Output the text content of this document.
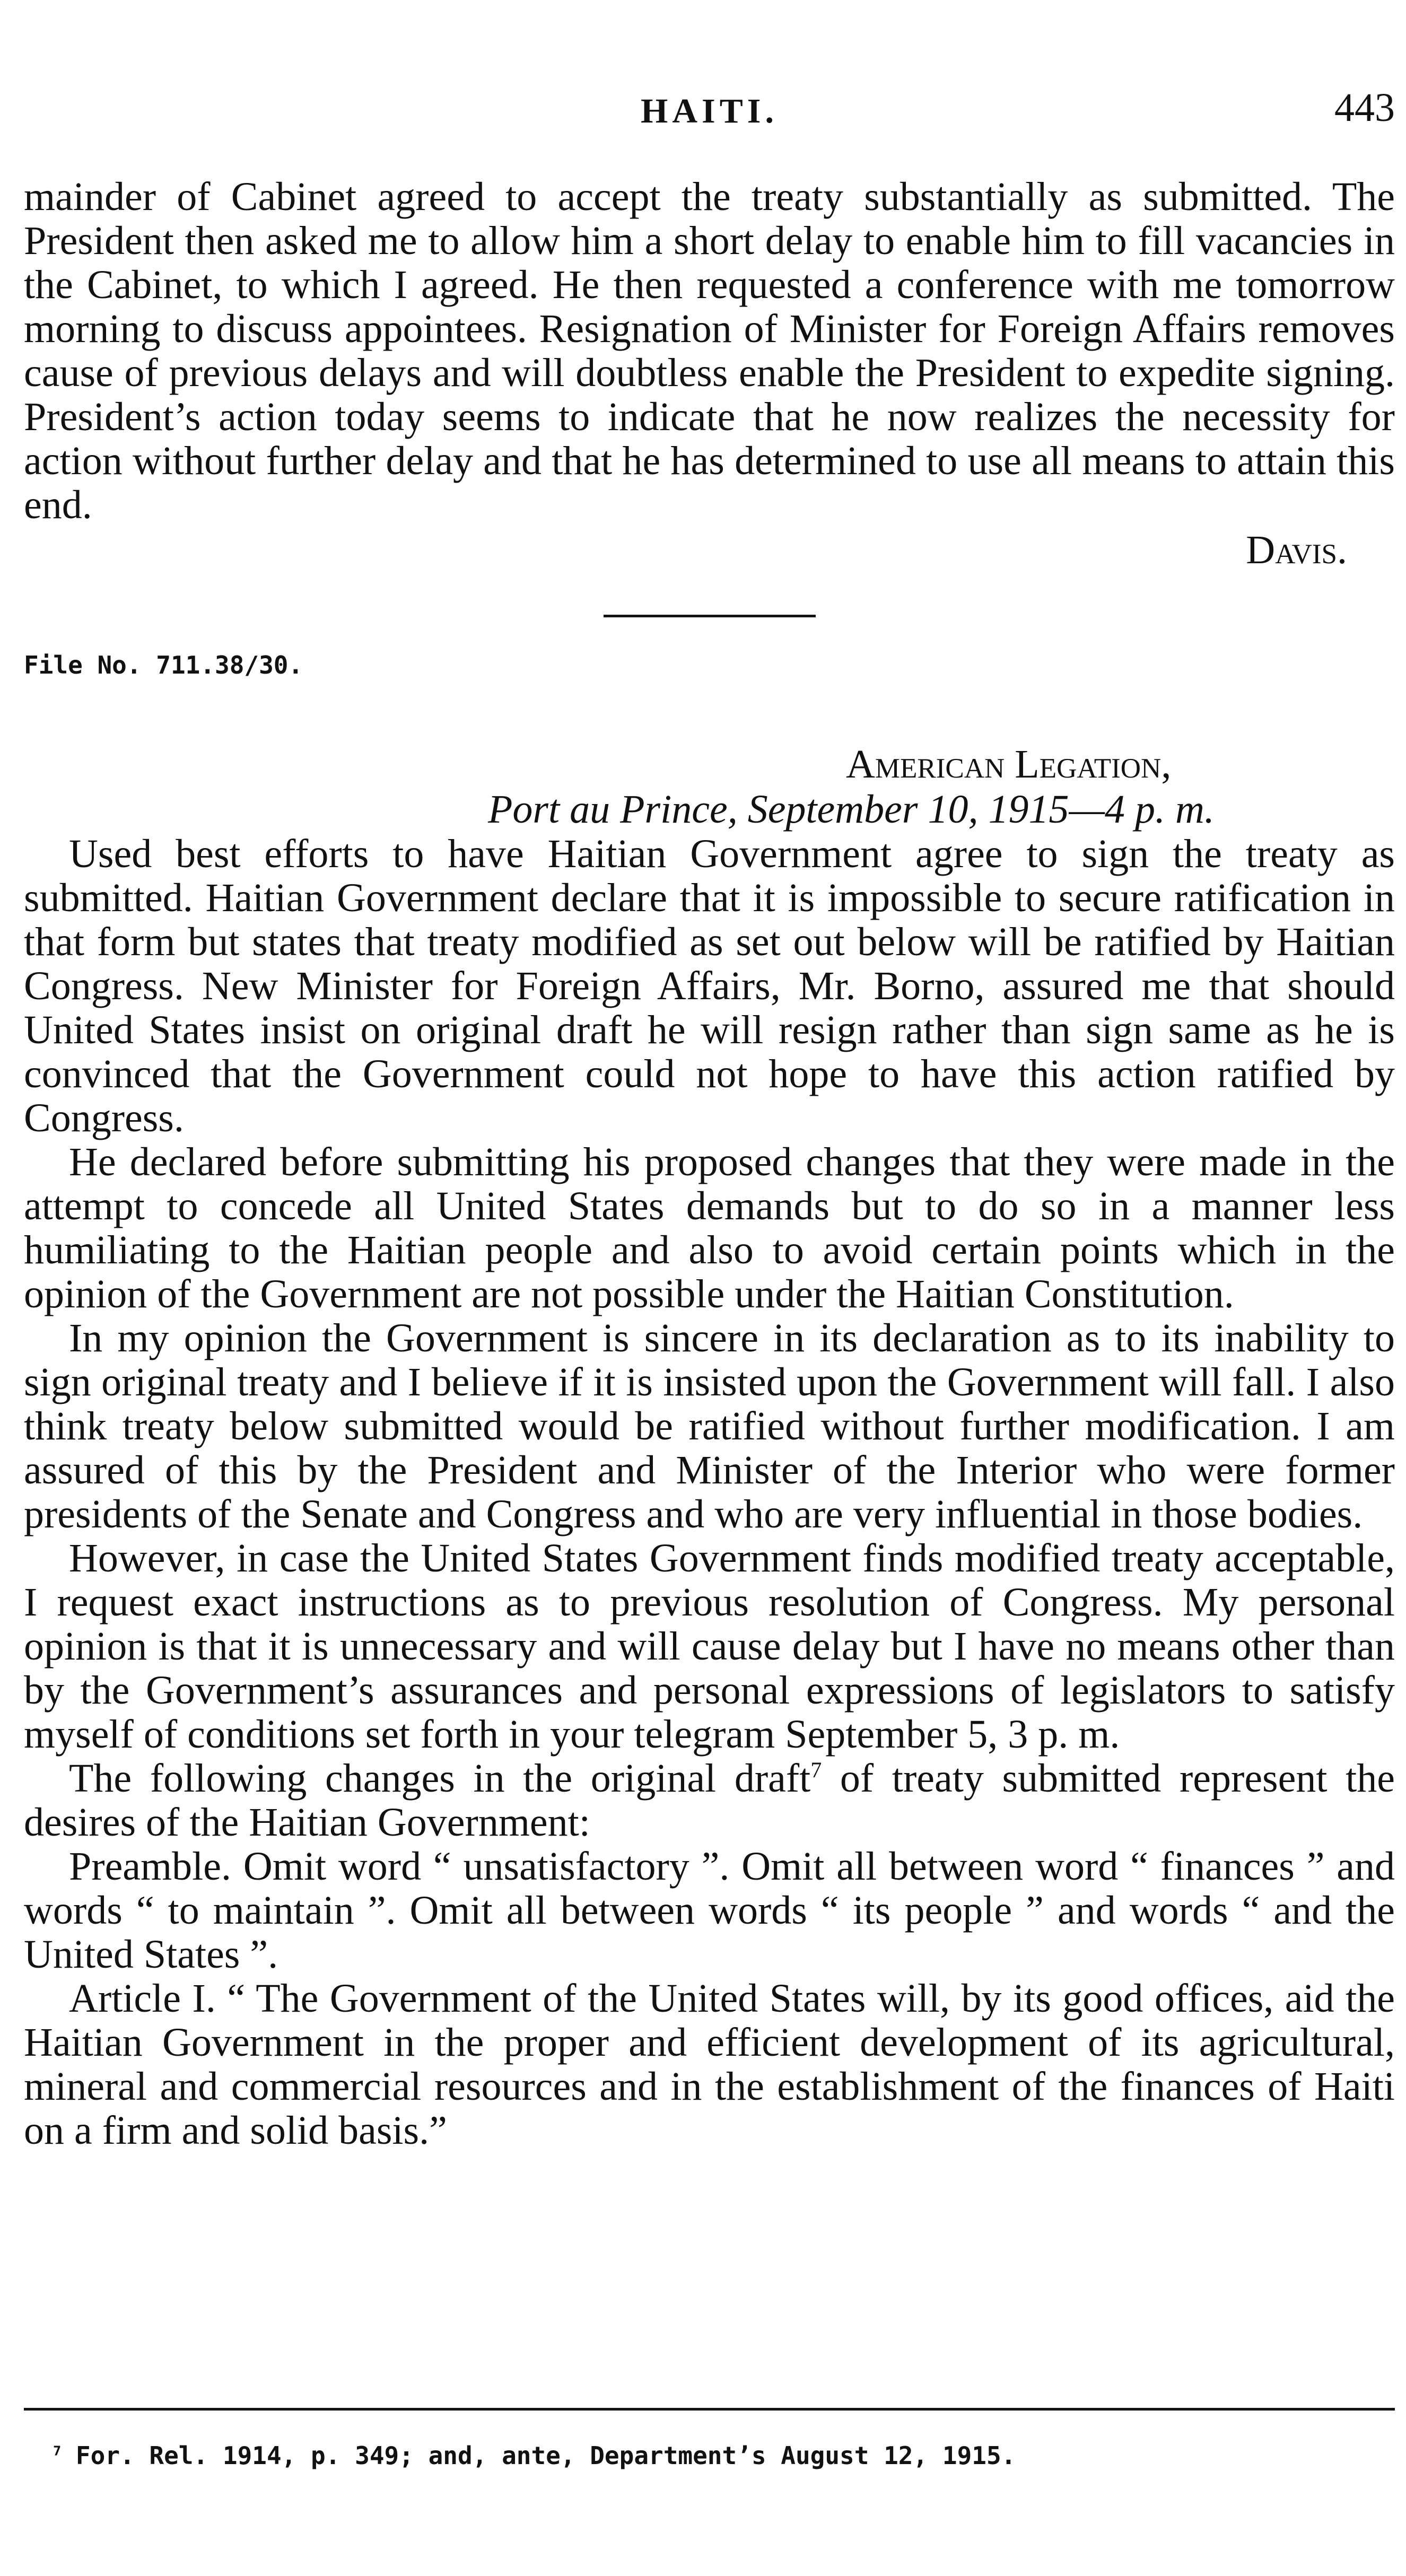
HAITI.	443

mainder of Cabinet agreed to accept the treaty substantially as submitted. The President then asked me to allow him a short delay to enable him to fill vacancies in the Cabinet, to which I agreed. He then requested a conference with me tomorrow morning to discuss appointees. Resignation of Minister for Foreign Affairs removes cause of previous delays and will doubtless enable the President to expedite signing. President’s action today seems to indicate that he now realizes the necessity for action without further delay and that he has determined to use all means to attain this end.

Davis.

File No. 711.38/30.

American Legation,

Port au Prince, September 10, 1915—4 p. m.

Used best efforts to have Haitian Government agree to sign the treaty as submitted. Haitian Government declare that it is impossible to secure ratification in that form but states that treaty modified as set out below will be ratified by Haitian Congress. New Minister for Foreign Affairs, Mr. Borno, assured me that should United States insist on original draft he will resign rather than sign same as he is convinced that the Government could not hope to have this action ratified by Congress.

He declared before submitting his proposed changes that they were made in the attempt to concede all United States demands but to do so in a manner less humiliating to the Haitian people and also to avoid certain points which in the opinion of the Government are not possible under the Haitian Constitution.

In my opinion the Government is sincere in its declaration as to its inability to sign original treaty and I believe if it is insisted upon the Government will fall. I also think treaty below submitted would be ratified without further modification. I am assured of this by the President and Minister of the Interior who were former presidents of the Senate and Congress and who are very influential in those bodies.

However, in case the United States Government finds modified treaty acceptable, I request exact instructions as to previous resolution of Congress. My personal opinion is that it is unnecessary and will cause delay but I have no means other than by the Government’s assurances and personal expressions of legislators to satisfy myself of conditions set forth in your telegram September 5, 3 p. m.

The following changes in the original draft$^7$ of treaty submitted represent the desires of the Haitian Government:

Preamble. Omit word “ unsatisfactory ”. Omit all between word “ finances ” and words “ to maintain ”. Omit all between words “ its people ” and words “ and the United States ”.

Article I. “ The Government of the United States will, by its good offices, aid the Haitian Government in the proper and efficient development of its agricultural, mineral and commercial resources and in the establishment of the finances of Haiti on a firm and solid basis.”

$^7$ For. Rel. 1914, p. 349; and, ante, Department’s August 12, 1915.
